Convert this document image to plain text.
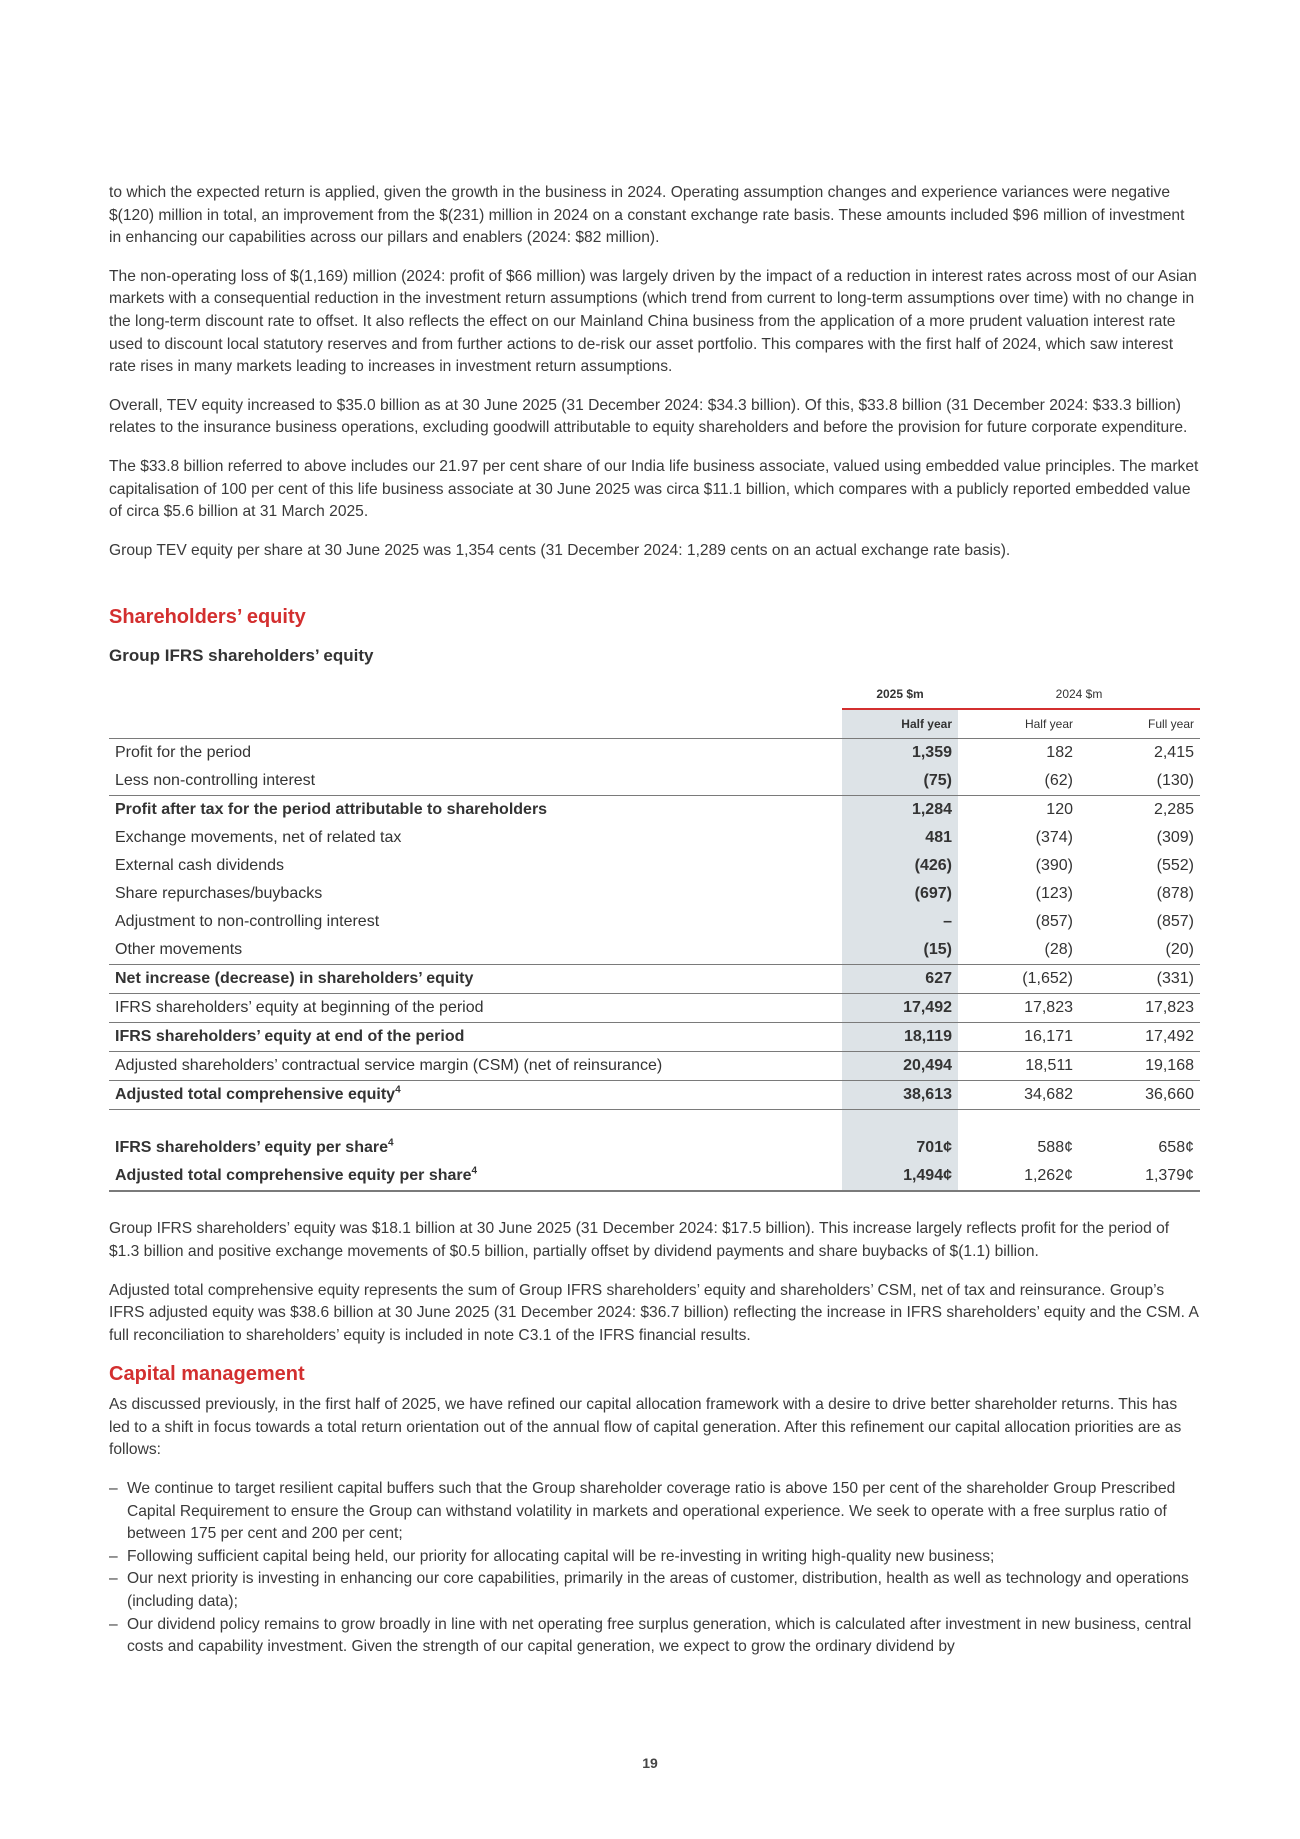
to which the expected return is applied, given the growth in the business in 2024. Operating assumption changes and experience variances were negative $(120) million in total, an improvement from the $(231) million in 2024 on a constant exchange rate basis. These amounts included $96 million of investment in enhancing our capabilities across our pillars and enablers (2024: $82 million).

The non-operating loss of $(1,169) million (2024: profit of $66 million) was largely driven by the impact of a reduction in interest rates across most of our Asian markets with a consequential reduction in the investment return assumptions (which trend from current to long-term assumptions over time) with no change in the long-term discount rate to offset. It also reflects the effect on our Mainland China business from the application of a more prudent valuation interest rate used to discount local statutory reserves and from further actions to de-risk our asset portfolio. This compares with the first half of 2024, which saw interest rate rises in many markets leading to increases in investment return assumptions.

Overall, TEV equity increased to $35.0 billion as at 30 June 2025 (31 December 2024: $34.3 billion). Of this, $33.8 billion (31 December 2024: $33.3 billion) relates to the insurance business operations, excluding goodwill attributable to equity shareholders and before the provision for future corporate expenditure.

The $33.8 billion referred to above includes our 21.97 per cent share of our India life business associate, valued using embedded value principles. The market capitalisation of 100 per cent of this life business associate at 30 June 2025 was circa $11.1 billion, which compares with a publicly reported embedded value of circa $5.6 billion at 31 March 2025.

Group TEV equity per share at 30 June 2025 was 1,354 cents (31 December 2024: 1,289 cents on an actual exchange rate basis).

Shareholders’ equity
Group IFRS shareholders’ equity
	2025 $m	2024 $m	
	Half year	Half year	Full year
Profit for the period	1,359	182	2,415
Less non-controlling interest	(75)	(62)	(130)
Profit after tax for the period attributable to shareholders	1,284	120	2,285
Exchange movements, net of related tax	481	(374)	(309)
External cash dividends	(426)	(390)	(552)
Share repurchases/buybacks	(697)	(123)	(878)
Adjustment to non-controlling interest	–	(857)	(857)
Other movements	(15)	(28)	(20)
Net increase (decrease) in shareholders’ equity	627	(1,652)	(331)
IFRS shareholders’ equity at beginning of the period	17,492	17,823	17,823
IFRS shareholders’ equity at end of the period	18,119	16,171	17,492
Adjusted shareholders’ contractual service margin (CSM) (net of reinsurance)	20,494	18,511	19,168
Adjusted total comprehensive equity$^4$	38,613	34,682	36,660

IFRS shareholders’ equity per share$^4$	701¢	588¢	658¢
Adjusted total comprehensive equity per share$^4$	1,494¢	1,262¢	1,379¢

Group IFRS shareholders’ equity was $18.1 billion at 30 June 2025 (31 December 2024: $17.5 billion). This increase largely reflects profit for the period of $1.3 billion and positive exchange movements of $0.5 billion, partially offset by dividend payments and share buybacks of $(1.1) billion.

Adjusted total comprehensive equity represents the sum of Group IFRS shareholders’ equity and shareholders’ CSM, net of tax and reinsurance. Group’s IFRS adjusted equity was $38.6 billion at 30 June 2025 (31 December 2024: $36.7 billion) reflecting the increase in IFRS shareholders’ equity and the CSM. A full reconciliation to shareholders’ equity is included in note C3.1 of the IFRS financial results.

Capital management

As discussed previously, in the first half of 2025, we have refined our capital allocation framework with a desire to drive better shareholder returns. This has led to a shift in focus towards a total return orientation out of the annual flow of capital generation. After this refinement our capital allocation priorities are as follows:

– We continue to target resilient capital buffers such that the Group shareholder coverage ratio is above 150 per cent of the shareholder Group Prescribed Capital Requirement to ensure the Group can withstand volatility in markets and operational experience. We seek to operate with a free surplus ratio of between 175 per cent and 200 per cent;
– Following sufficient capital being held, our priority for allocating capital will be re-investing in writing high-quality new business;
– Our next priority is investing in enhancing our core capabilities, primarily in the areas of customer, distribution, health as well as technology and operations (including data);
– Our dividend policy remains to grow broadly in line with net operating free surplus generation, which is calculated after investment in new business, central costs and capability investment. Given the strength of our capital generation, we expect to grow the ordinary dividend by
19
